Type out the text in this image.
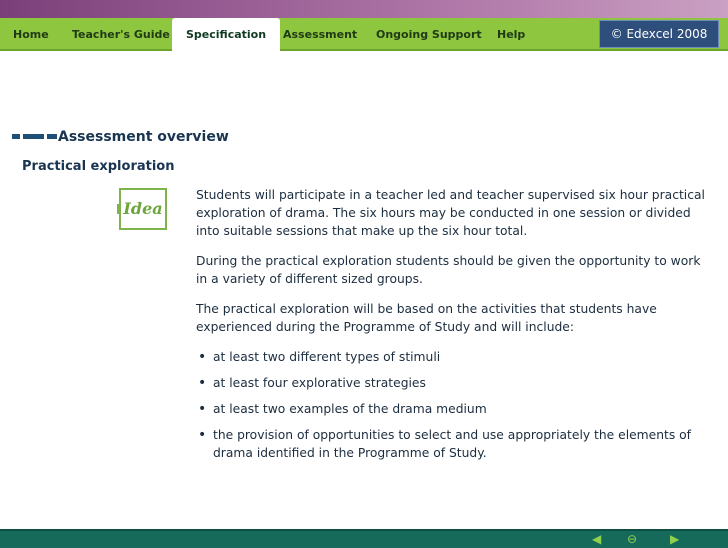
Home Teacher's Guide	Specification	Assessment Ongoing Support Help	© Edexcel 2008
Assessment overview
Practical exploration
Idea

Students will participate in a teacher led and teacher supervised six hour practical exploration of drama. The six hours may be conducted in one session or divided into suitable sessions that make up the six hour total.

During the practical exploration students should be given the opportunity to work in a variety of different sized groups.

The practical exploration will be based on the activities that students have experienced during the Programme of Study and will include:

• at least two different types of stimuli
• at least four explorative strategies
• at least two examples of the drama medium
• the provision of opportunities to select and use appropriately the elements of drama identified in the Programme of Study.
◀ ⊖	▶
